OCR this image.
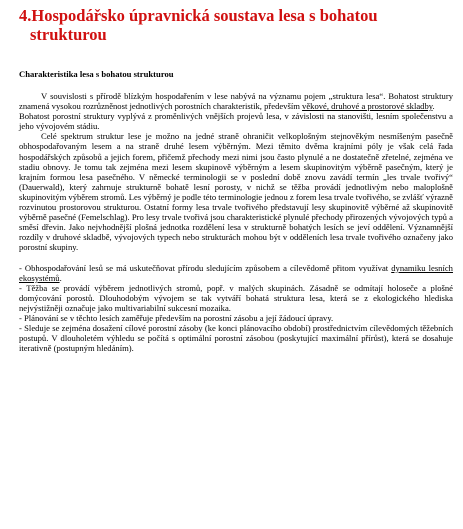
4.Hospodářsko úpravnická soustava lesa s bohatou
strukturou
Charakteristika lesa s bohatou strukturou

V souvislosti s přírodě blízkým hospodařením v lese nabývá na významu pojem „struktura lesa“. Bohatost struktury znamená vysokou rozrůzněnost jednotlivých porostních charakteristik, především věkové, druhové a prostorové skladby.

Bohatost porostní struktury vyplývá z proměnlivých vnějších projevů lesa, v závislosti na stanovišti, lesním společenstvu a jeho vývojovém stádiu.

Celé spektrum struktur lese je možno na jedné straně ohraničit velkoplošným stejnověkým nesmíšeným pasečně obhospodařovaným lesem a na straně druhé lesem výběrným. Mezi těmito dvěma krajními póly je však celá řada hospodářských způsobů a jejich forem, přičemž přechody mezi nimi jsou často plynulé a ne dostatečně zřetelné, zejména ve stadiu obnovy. Je tomu tak zejména mezi lesem skupinově výběrným a lesem skupinovitým výběrně pasečným, který je krajním formou lesa pasečného. V německé terminologii se v poslední době znovu zavádí termín „les trvale tvořivý“ (Dauerwald), který zahrnuje strukturně bohatě lesní porosty, v nichž se těžba provádí jednotlivým nebo maloplošně skupinovitým výběrem stromů. Les výběrný je podle této terminologie jednou z forem lesa trvale tvořivého, se zvlášť výrazně rozvinutou prostorovou strukturou. Ostatní formy lesa trvale tvořivého představují lesy skupinovitě výběrné až skupinovitě výběrně pasečné (Femelschlag). Pro lesy trvale tvořivá jsou charakteristické plynulé přechody přirozených vývojových typů a směsí dřevin. Jako nejvhodnější plošná jednotka rozdělení lesa v strukturně bohatých lesích se jeví oddělení. Významnější rozdíly v druhové skladbě, vývojových typech nebo strukturách mohou být v odděleních lesa trvale tvořivého označeny jako porostní skupiny.

- Obhospodařování lesů se má uskutečňovat přírodu sledujícím způsobem a cílevědomě přitom využívat dynamiku lesních ekosystémů.

- Těžba se provádí výběrem jednotlivých stromů, popř. v malých skupinách. Zásadně se odmítají holoseče a plošné domýcování porostů. Dlouhodobým vývojem se tak vytváří bohatá struktura lesa, která se z ekologického hlediska nejvýstižněji označuje jako multivariabilní sukcesní mozaika.

- Plánování se v těchto lesích zaměřuje především na porostní zásobu a její žádoucí úpravy.

- Sleduje se zejména dosažení cílové porostní zásoby (ke konci plánovacího období) prostřednictvím cílevědomých těžebních postupů. V dlouholetém výhledu se počítá s optimální porostní zásobou (poskytující maximální přírůst), která se dosahuje iterativně (postupným hledáním).
